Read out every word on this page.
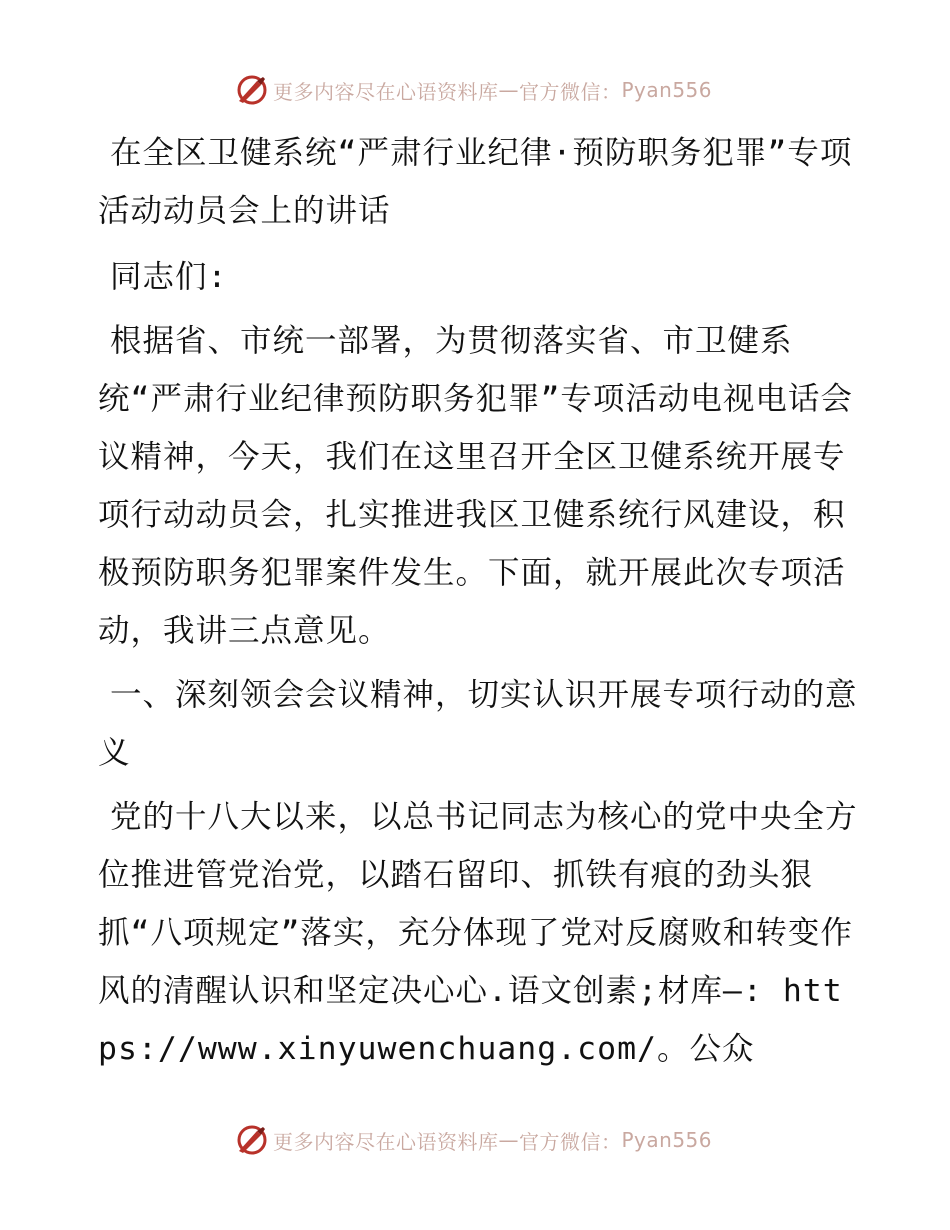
更多内容尽在心语资料库 — 官方微信： Pyan556

在全区卫健系统“严肃行业纪律·预防职务犯罪”专项活动动员会上的讲话

同志们:

根据省、市统一部署，为贯彻落实省、市卫健系统“严肃行业纪律预防职务犯罪”专项活动电视电话会议精神，今天，我们在这里召开全区卫健系统开展专项行动动员会，扎实推进我区卫健系统行风建设，积极预防职务犯罪案件发生。下面，就开展此次专项活动，我讲三点意见。

一、深刻领会会议精神，切实认识开展专项行动的意义

党的十八大以来，以总书记同志为核心的党中央全方位推进管党治党，以踏石留印、抓铁有痕的劲头狠抓“八项规定”落实，充分体现了党对反腐败和转变作风的清醒认识和坚定决心心.语文创素;材库—: https://www.xinyuwenchuang.com/。公众

更多内容尽在心语资料库 — 官方微信： Pyan556
